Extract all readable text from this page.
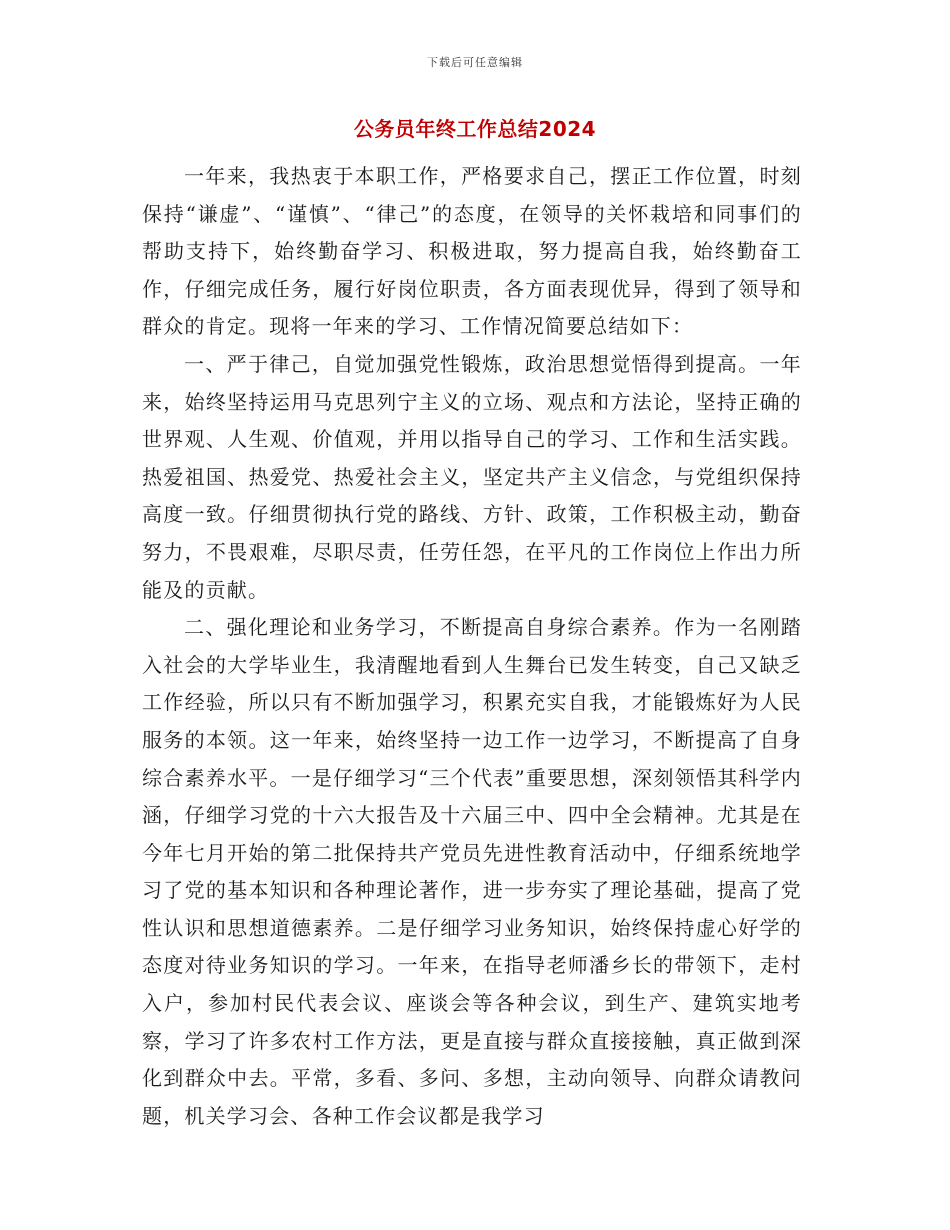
下载后可任意编辑
公务员年终工作总结2024

一年来，我热衷于本职工作，严格要求自己，摆正工作位置，时刻保持“谦虚”、“谨慎”、“律己”的态度，在领导的关怀栽培和同事们的帮助支持下，始终勤奋学习、积极进取，努力提高自我，始终勤奋工作，仔细完成任务，履行好岗位职责，各方面表现优异，得到了领导和群众的肯定。现将一年来的学习、工作情况简要总结如下：

一、严于律己，自觉加强党性锻炼，政治思想觉悟得到提高。一年来，始终坚持运用马克思列宁主义的立场、观点和方法论，坚持正确的世界观、人生观、价值观，并用以指导自己的学习、工作和生活实践。热爱祖国、热爱党、热爱社会主义，坚定共产主义信念，与党组织保持高度一致。仔细贯彻执行党的路线、方针、政策，工作积极主动，勤奋努力，不畏艰难，尽职尽责，任劳任怨，在平凡的工作岗位上作出力所能及的贡献。

二、强化理论和业务学习，不断提高自身综合素养。作为一名刚踏入社会的大学毕业生，我清醒地看到人生舞台已发生转变，自己又缺乏工作经验，所以只有不断加强学习，积累充实自我，才能锻炼好为人民服务的本领。这一年来，始终坚持一边工作一边学习，不断提高了自身综合素养水平。一是仔细学习“三个代表”重要思想，深刻领悟其科学内涵，仔细学习党的十六大报告及十六届三中、四中全会精神。尤其是在今年七月开始的第二批保持共产党员先进性教育活动中，仔细系统地学习了党的基本知识和各种理论著作，进一步夯实了理论基础，提高了党性认识和思想道德素养。二是仔细学习业务知识，始终保持虚心好学的态度对待业务知识的学习。一年来，在指导老师潘乡长的带领下，走村入户，参加村民代表会议、座谈会等各种会议，到生产、建筑实地考察，学习了许多农村工作方法，更是直接与群众直接接触，真正做到深化到群众中去。平常，多看、多问、多想，主动向领导、向群众请教问题，机关学习会、各种工作会议都是我学习
